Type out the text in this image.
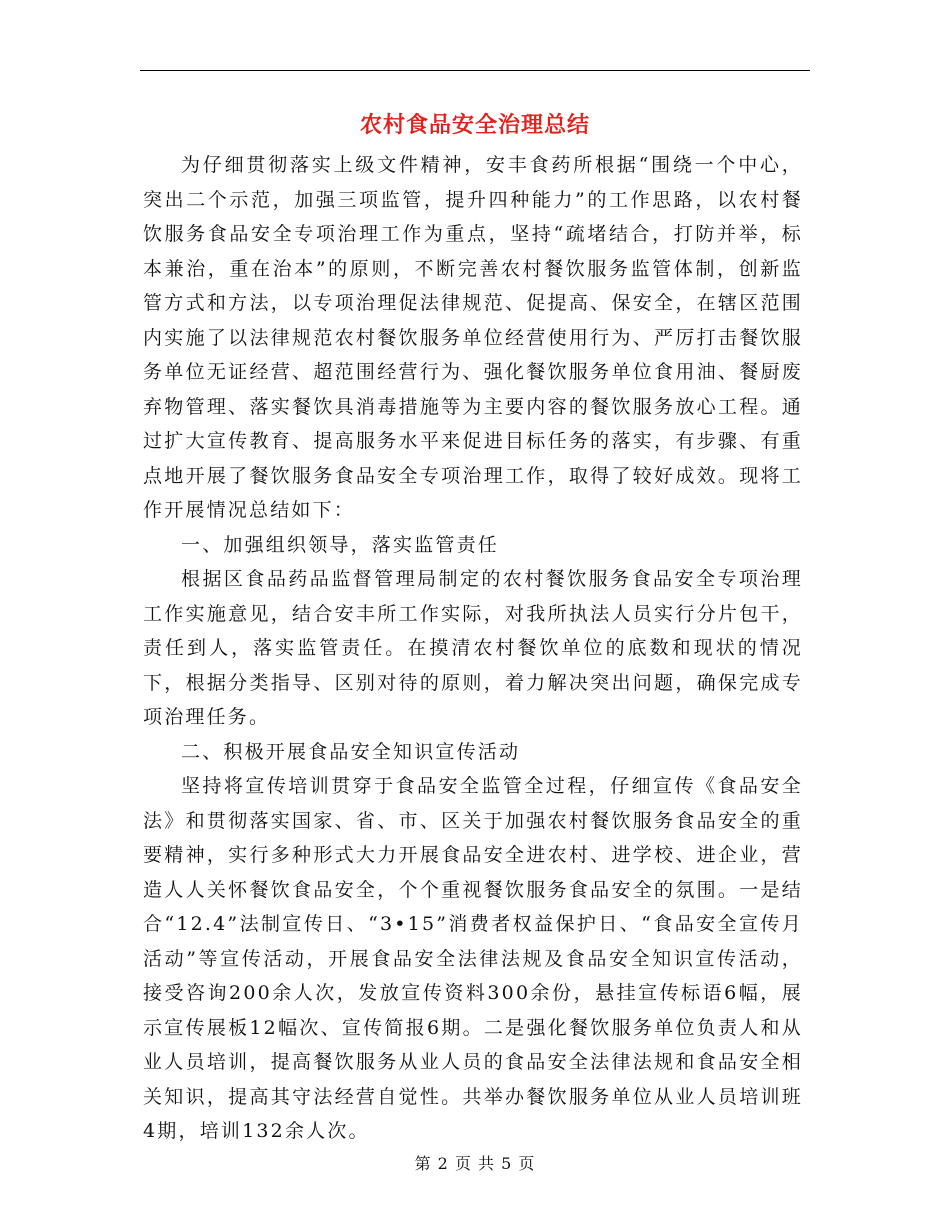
农村食品安全治理总结

为仔细贯彻落实上级文件精神，安丰食药所根据“围绕一个中心，突出二个示范，加强三项监管，提升四种能力”的工作思路，以农村餐饮服务食品安全专项治理工作为重点，坚持“疏堵结合，打防并举，标本兼治，重在治本”的原则，不断完善农村餐饮服务监管体制，创新监管方式和方法，以专项治理促法律规范、促提高、保安全，在辖区范围内实施了以法律规范农村餐饮服务单位经营使用行为、严厉打击餐饮服务单位无证经营、超范围经营行为、强化餐饮服务单位食用油、餐厨废弃物管理、落实餐饮具消毒措施等为主要内容的餐饮服务放心工程。通过扩大宣传教育、提高服务水平来促进目标任务的落实，有步骤、有重点地开展了餐饮服务食品安全专项治理工作，取得了较好成效。现将工作开展情况总结如下：

一、加强组织领导，落实监管责任

根据区食品药品监督管理局制定的农村餐饮服务食品安全专项治理工作实施意见，结合安丰所工作实际，对我所执法人员实行分片包干，责任到人，落实监管责任。在摸清农村餐饮单位的底数和现状的情况下，根据分类指导、区别对待的原则，着力解决突出问题，确保完成专项治理任务。

二、积极开展食品安全知识宣传活动

坚持将宣传培训贯穿于食品安全监管全过程，仔细宣传《食品安全法》和贯彻落实国家、省、市、区关于加强农村餐饮服务食品安全的重要精神，实行多种形式大力开展食品安全进农村、进学校、进企业，营造人人关怀餐饮食品安全，个个重视餐饮服务食品安全的氛围。一是结合“12.4”法制宣传日、“3•15”消费者权益保护日、“食品安全宣传月活动”等宣传活动，开展食品安全法律法规及食品安全知识宣传活动，接受咨询200余人次，发放宣传资料300余份，悬挂宣传标语6幅，展示宣传展板12幅次、宣传简报6期。二是强化餐饮服务单位负责人和从业人员培训，提高餐饮服务从业人员的食品安全法律法规和食品安全相关知识，提高其守法经营自觉性。共举办餐饮服务单位从业人员培训班4期，培训132余人次。

第 2 页 共 5 页
